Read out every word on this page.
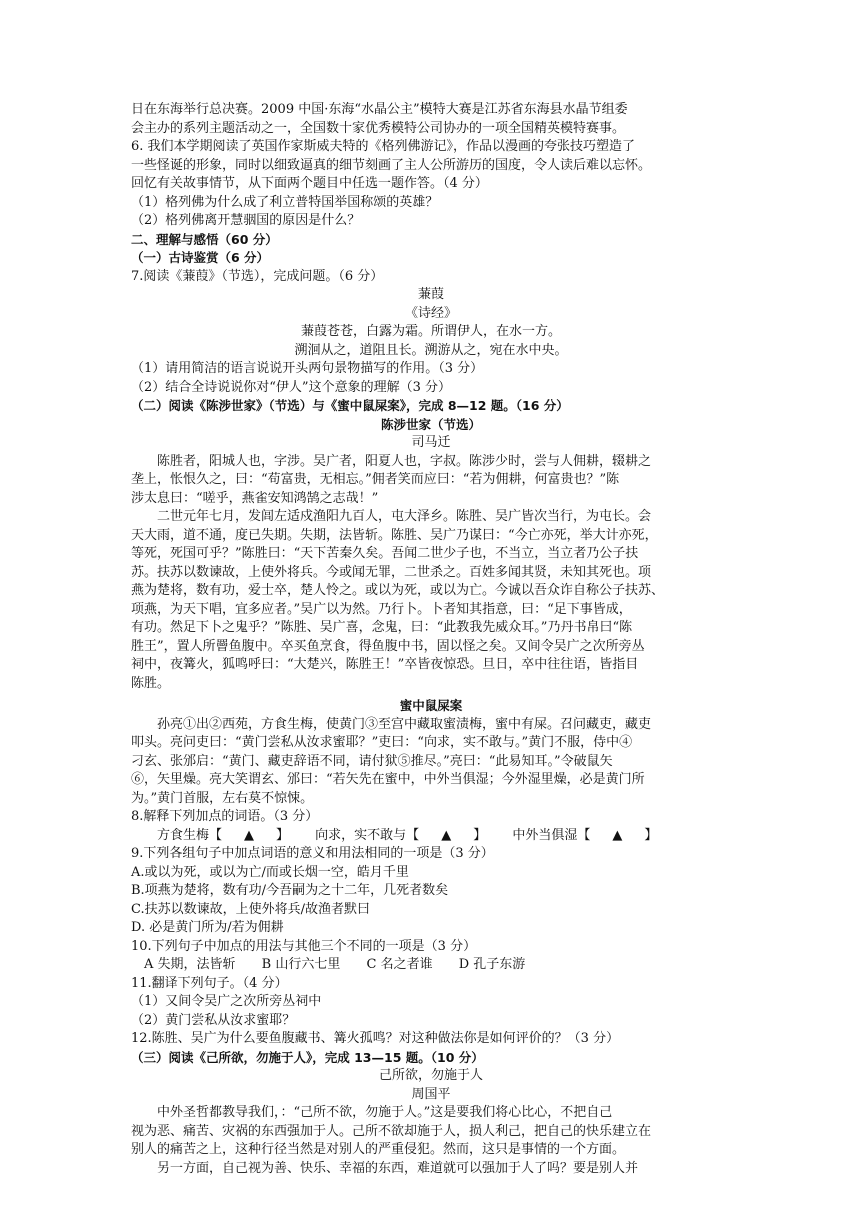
日在东海举行总决赛。2009 中国·东海“水晶公主”模特大赛是江苏省东海县水晶节组委

会主办的系列主题活动之一，全国数十家优秀模特公司协办的一项全国精英模特赛事。

6. 我们本学期阅读了英国作家斯威夫特的《格列佛游记》，作品以漫画的夸张技巧塑造了

一些怪诞的形象，同时以细致逼真的细节刻画了主人公所游历的国度，令人读后难以忘怀。

回忆有关故事情节，从下面两个题目中任选一题作答。（4 分）

（1）格列佛为什么成了利立普特国举国称颂的英雄？

（2）格列佛离开慧骃国的原因是什么？

二、理解与感悟（60 分）

（一）古诗鉴赏（6 分）

7.阅读《蒹葭》（节选），完成问题。（6 分）

蒹葭

《诗经》

蒹葭苍苍，白露为霜。所谓伊人，在水一方。

溯洄从之，道阻且长。溯游从之，宛在水中央。

（1）请用简洁的语言说说开头两句景物描写的作用。（3 分）

（2）结合全诗说说你对“伊人”这个意象的理解（3 分）

（二）阅读《陈涉世家》（节选）与《蜜中鼠屎案》，完成 8—12 题。（16 分）

陈涉世家（节选）

司马迁

陈胜者，阳城人也，字涉。吴广者，阳夏人也，字叔。陈涉少时，尝与人佣耕，辍耕之

垄上，怅恨久之，曰：“苟富贵，无相忘。”佣者笑而应曰：“若为佣耕，何富贵也？”陈

涉太息曰：“嗟乎，燕雀安知鸿鹄之志哉！”

二世元年七月，发闾左适戍渔阳九百人，屯大泽乡。陈胜、吴广皆次当行，为屯长。会

天大雨，道不通，度已失期。失期，法皆斩。陈胜、吴广乃谋曰：“今亡亦死，举大计亦死，

等死，死国可乎？”陈胜曰：“天下苦秦久矣。吾闻二世少子也，不当立，当立者乃公子扶

苏。扶苏以数谏故，上使外将兵。今或闻无罪，二世杀之。百姓多闻其贤，未知其死也。项

燕为楚将，数有功，爱士卒，楚人怜之。或以为死，或以为亡。今诚以吾众诈自称公子扶苏、

项燕，为天下唱，宜多应者。”吴广以为然。乃行卜。卜者知其指意，曰：“足下事皆成，

有功。然足下卜之鬼乎？”陈胜、吴广喜，念鬼，曰：“此教我先威众耳。”乃丹书帛曰“陈

胜王”，置人所罾鱼腹中。卒买鱼烹食，得鱼腹中书，固以怪之矣。又间令吴广之次所旁丛

祠中，夜篝火，狐鸣呼曰：“大楚兴，陈胜王！”卒皆夜惊恐。旦日，卒中往往语，皆指目

陈胜。

蜜中鼠屎案

孙亮①出②西苑，方食生梅，使黄门③至宫中藏取蜜渍梅，蜜中有屎。召问藏吏，藏吏

叩头。亮问吏曰：“黄门尝私从汝求蜜耶？”吏曰：“向求，实不敢与。”黄门不服，侍中④

刁玄、张邠启：“黄门、藏吏辞语不同，请付狱⑤推尽。”亮曰：“此易知耳。”令破鼠矢

⑥，矢里燥。亮大笑谓玄、邠曰：“若矢先在蜜中，中外当俱湿；今外湿里燥，必是黄门所

为。”黄门首服，左右莫不惊悚。

8.解释下列加点的词语。（3 分）

方食生梅【 ▲ 】 向求，实不敢与【 ▲ 】 中外当俱湿【 ▲ 】

9.下列各组句子中加点词语的意义和用法相同的一项是（3 分）

A.或以为死，或以为亡/而或长烟一空，皓月千里

B.项燕为楚将，数有功/今吾嗣为之十二年，几死者数矣

C.扶苏以数谏故，上使外将兵/故渔者默曰

D. 必是黄门所为/若为佣耕

10.下列句子中加点的用法与其他三个不同的一项是（3 分）

A 失期，法皆斩 B 山行六七里 C 名之者谁 D 孔子东游

11.翻译下列句子。（4 分）

（1）又间令吴广之次所旁丛祠中

（2）黄门尝私从汝求蜜耶？

12.陈胜、吴广为什么要鱼腹藏书、篝火孤鸣？对这种做法你是如何评价的？（3 分）

（三）阅读《己所欲，勿施于人》，完成 13—15 题。（10 分）

己所欲，勿施于人

周国平

中外圣哲都教导我们，：“己所不欲，勿施于人。”这是要我们将心比心，不把自己

视为恶、痛苦、灾祸的东西强加于人。己所不欲却施于人，损人利己，把自己的快乐建立在

别人的痛苦之上，这种行径当然是对别人的严重侵犯。然而，这只是事情的一个方面。

另一方面，自己视为善、快乐、幸福的东西，难道就可以强加于人了吗？要是别人并
